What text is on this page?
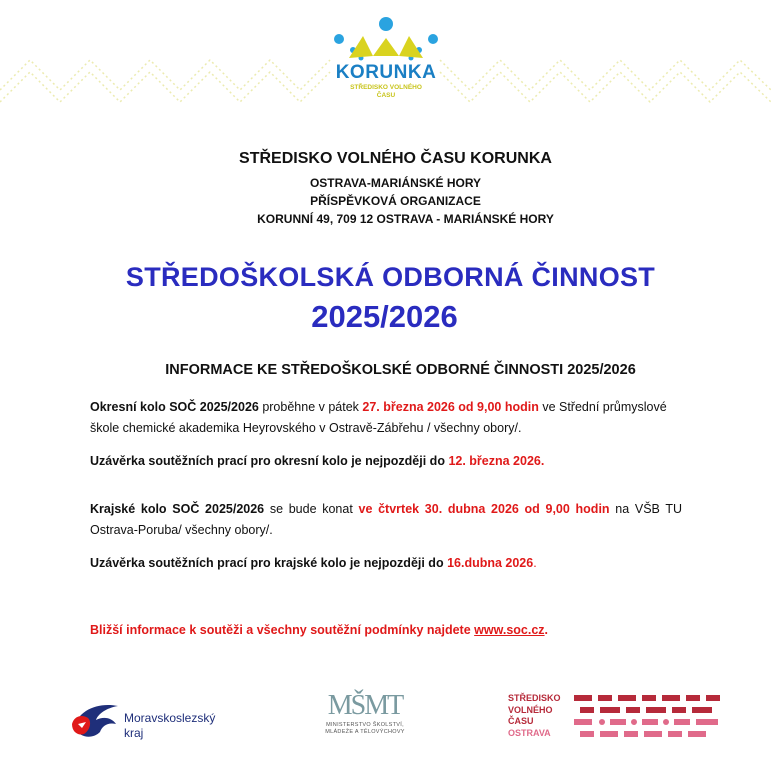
KORUNKA
STŘEDISKO VOLNÉHO
ČASU
STŘEDISKO VOLNÉHO ČASU KORUNKA
OSTRAVA-MARIÁNSKÉ HORY
PŘÍSPĚVKOVÁ ORGANIZACE
KORUNNÍ 49, 709 12 OSTRAVA - MARIÁNSKÉ HORY
STŘEDOŠKOLSKÁ ODBORNÁ ČINNOST
2025/2026
INFORMACE KE STŘEDOŠKOLSKÉ ODBORNÉ ČINNOSTI 2025/2026
Okresní kolo SOČ 2025/2026 proběhne v pátek 27. března 2026 od 9,00 hodin ve Střední průmyslové škole chemické akademika Heyrovského v Ostravě-Zábřehu / všechny obory/.
Uzávěrka soutěžních prací pro okresní kolo je nejpozději do 12. března 2026.
Krajské kolo SOČ 2025/2026 se bude konat ve čtvrtek 30. dubna 2026 od 9,00 hodin na VŠB TU Ostrava-Poruba/ všechny obory/.
Uzávěrka soutěžních prací pro krajské kolo je nejpozději do 16.dubna 2026.
Bližší informace k soutěži a všechny soutěžní podmínky najdete www.soc.cz.
Moravskoslezský
kraj
MŠMT
MINISTERSTVO ŠKOLSTVÍ,
MLÁDEŽE A TĚLOVÝCHOVY
STŘEDISKO
VOLNÉHO
ČASU
OSTRAVA
